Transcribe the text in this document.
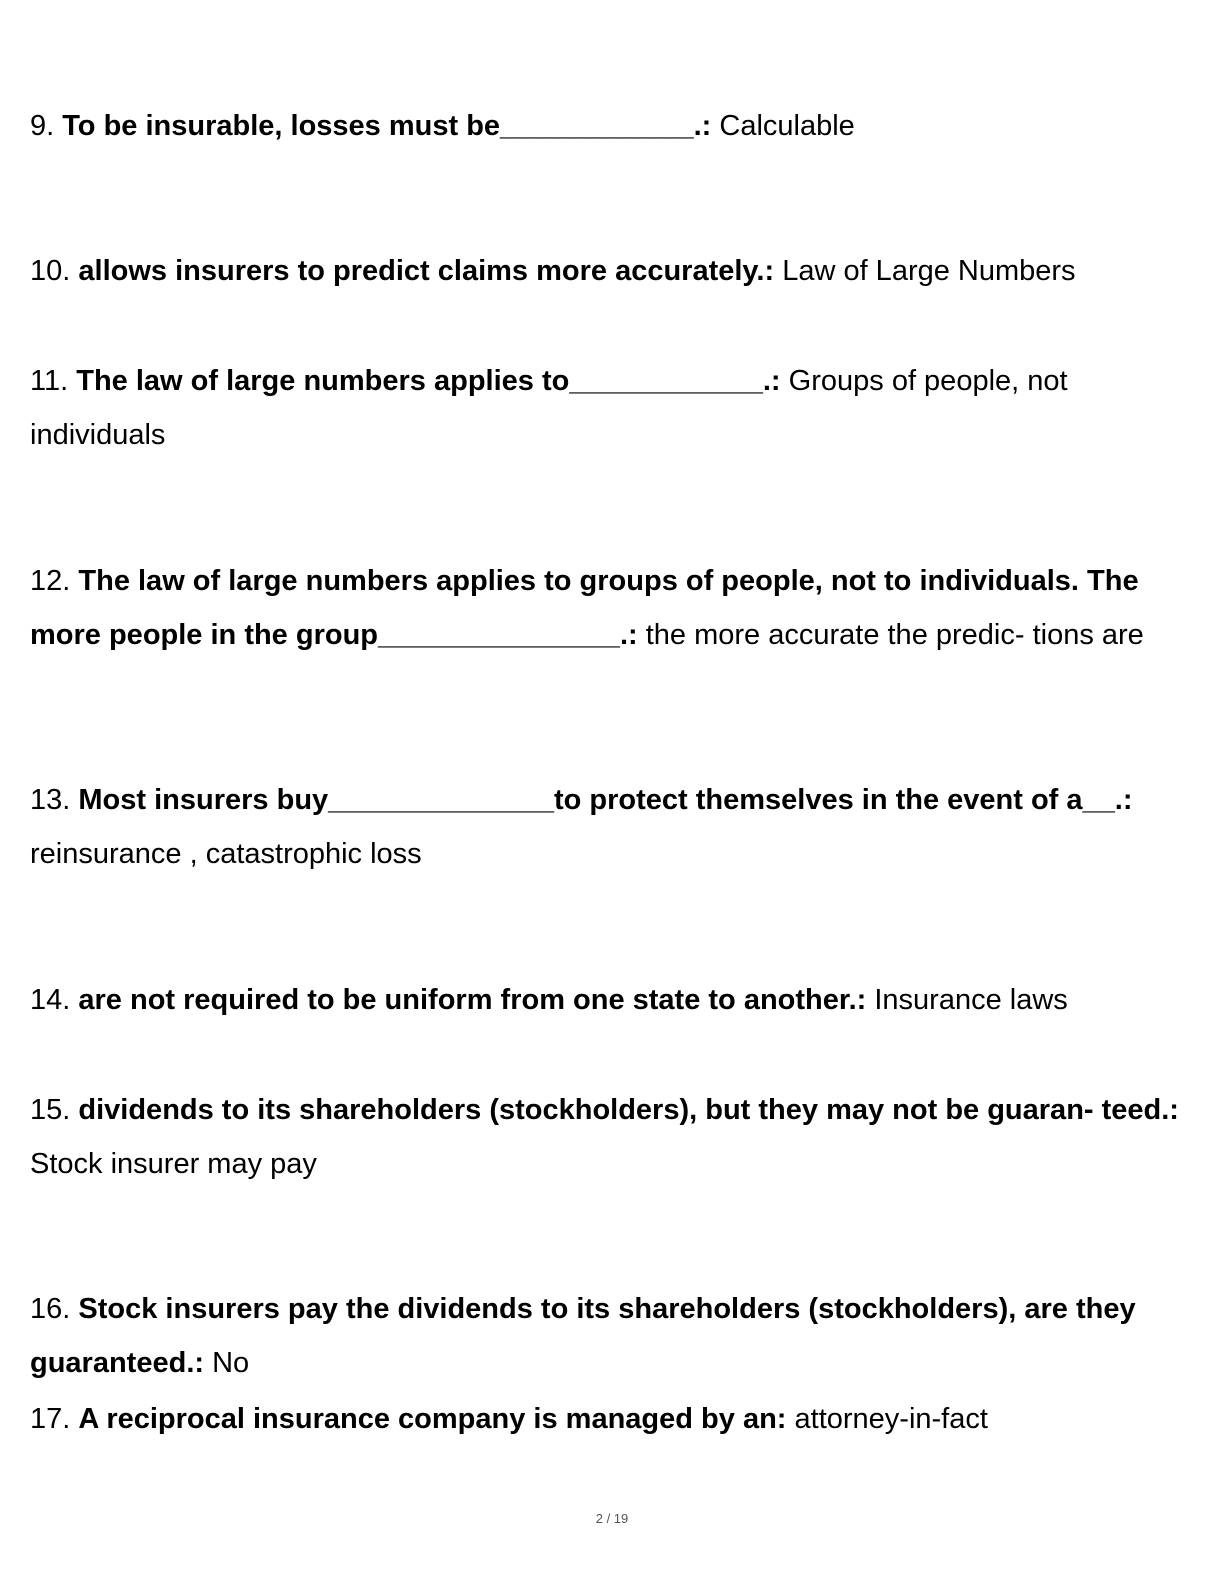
9. To be insurable, losses must be____________.: Calculable
10. allows insurers to predict claims more accurately.: Law of Large Numbers
11. The law of large numbers applies to____________.: Groups of people, not individuals
12. The law of large numbers applies to groups of people, not to individuals. The more people in the group_______________.: the more accurate the predic- tions are
13. Most insurers buy______________to protect themselves in the event of a__.: reinsurance , catastrophic loss
14. are not required to be uniform from one state to another.: Insurance laws
15. dividends to its shareholders (stockholders), but they may not be guaran- teed.: Stock insurer may pay
16. Stock insurers pay the dividends to its shareholders (stockholders), are they guaranteed.: No
17. A reciprocal insurance company is managed by an: attorney-in-fact
2 / 19
